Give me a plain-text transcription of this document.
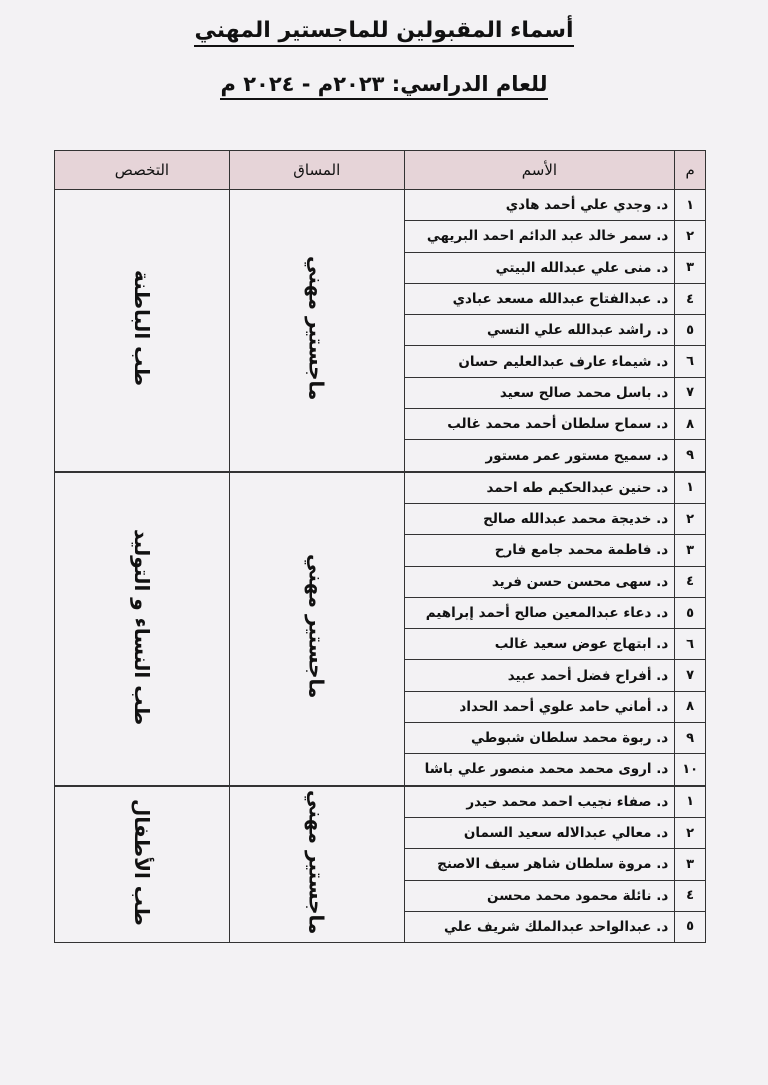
أسماء المقبولين للماجستير المهني
للعام الدراسي: ٢٠٢٣م - ٢٠٢٤ م
م	الأسم	المساق	التخصص
١	د. وجدي علي أحمد هادي	ماجستير مهني	طب الباطنة
٢	د. سمر خالد عبد الدائم احمد البريهي		
٣	د. منى علي عبدالله البيتي		
٤	د. عبدالفتاح عبدالله مسعد عبادي		
٥	د. راشد عبدالله علي النسي		
٦	د. شيماء عارف عبدالعليم حسان		
٧	د. باسل محمد صالح سعيد		
٨	د. سماح سلطان أحمد محمد غالب		
٩	د. سميح مستور عمر مستور		
١	د. حنين عبدالحكيم طه احمد	ماجستير مهني	طب النساء و التوليد
٢	د. خديجة محمد عبدالله صالح		
٣	د. فاطمة محمد جامع فارح		
٤	د. سهى محسن حسن فريد		
٥	د. دعاء عبدالمعين صالح أحمد إبراهيم		
٦	د. ابتهاج عوض سعيد غالب		
٧	د. أفراح فضل أحمد عبيد		
٨	د. أماني حامد علوي أحمد الحداد		
٩	د. ربوة محمد سلطان شبوطي		
١٠	د. اروى محمد محمد منصور علي باشا		
١	د. صفاء نجيب احمد محمد حيدر	ماجستير مهني	طب الأطفال
٢	د. معالي عبدالاله سعيد السمان		
٣	د. مروة سلطان شاهر سيف الاصنج		
٤	د. نائلة محمود محمد محسن		
٥	د. عبدالواحد عبدالملك شريف علي		
